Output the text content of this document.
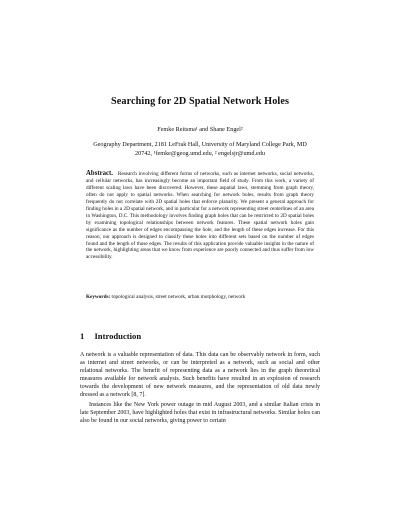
Searching for 2D Spatial Network Holes
Femke Reitsma¹ and Shane Engel²
Geography Department, 2181 LeFrak Hall, University of Maryland College Park, MD
20742, ¹femke@geog.umd.edu, ² engelsjr@umd.edu
Abstract. Research involving different forms of networks, such as internet networks, social networks, and cellular networks, has increasingly become an important field of study. From this work, a variety of different scaling laws have been discovered. However, these aspatial laws, stemming from graph theory, often do not apply to spatial networks. When searching for network holes, results from graph theory frequently do not correlate with 2D spatial holes that enforce planarity. We present a general approach for finding holes in a 2D spatial network, and in particular for a network representing street centerlines of an area in Washington, D.C. This methodology involves finding graph holes that can be restricted to 2D spatial holes by examining topological relationships between network features. These spatial network holes gain significance as the number of edges encompassing the hole, and the length of these edges increase. For this reason, our approach is designed to classify these holes into different sets based on the number of edges found and the length of those edges. The results of this application provide valuable insights in the nature of the network, highlighting areas that we know from experience are poorly connected and thus suffer from low accessibility.
Keywords: topological analysis, street network, urban morphology, network
1 Introduction

A network is a valuable representation of data. This data can be observably network in form, such as internet and street networks, or can be interpreted as a network, such as social and other relational networks. The benefit of representing data as a network lies in the graph theoretical measures available for network analysis. Such benefits have resulted in an explosion of research towards the development of new network measures, and the representation of old data newly dressed as a network [8, 7].

Instances like the New York power outage in mid August 2003, and a similar Italian crisis in late September 2003, have highlighted holes that exist in infrastructural networks. Similar holes can also be found in our social networks, giving power to certain
